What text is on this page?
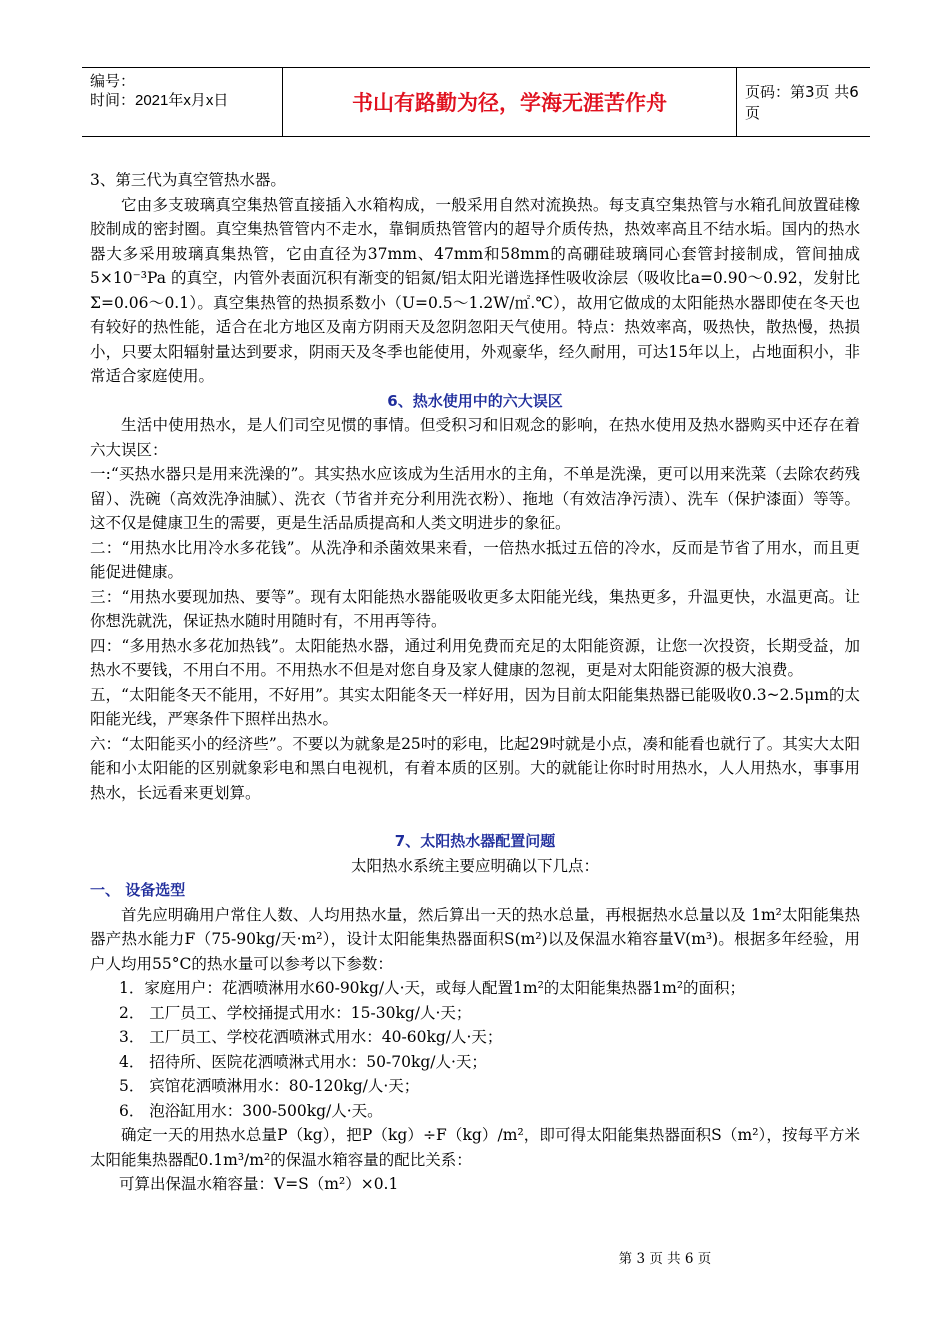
编号：
时间：2021年x月x日	书山有路勤为径，学海无涯苦作舟	页码：第3页 共6页

3、第三代为真空管热水器。

它由多支玻璃真空集热管直接插入水箱构成，一般采用自然对流换热。每支真空集热管与水箱孔间放置硅橡胶制成的密封圈。真空集热管管内不走水，靠铜质热管管内的超导介质传热，热效率高且不结水垢。国内的热水器大多采用玻璃真集热管，它由直径为37mm、47mm和58mm的高硼硅玻璃同心套管封接制成，管间抽成5×10⁻³Pa 的真空，内管外表面沉积有渐变的铝氮/铝太阳光谱选择性吸收涂层（吸收比a=0.90～0.92，发射比 Σ=0.06～0.1）。真空集热管的热损系数小（U=0.5～1.2W/㎡.℃），故用它做成的太阳能热水器即使在冬天也有较好的热性能，适合在北方地区及南方阴雨天及忽阴忽阳天气使用。特点：热效率高，吸热快，散热慢，热损小，只要太阳辐射量达到要求，阴雨天及冬季也能使用，外观豪华，经久耐用，可达15年以上，占地面积小，非常适合家庭使用。

6、热水使用中的六大误区

生活中使用热水，是人们司空见惯的事情。但受积习和旧观念的影响，在热水使用及热水器购买中还存在着六大误区：

一:“买热水器只是用来洗澡的”。其实热水应该成为生活用水的主角，不单是洗澡，更可以用来洗菜（去除农药残留）、洗碗（高效洗净油腻）、洗衣（节省并充分利用洗衣粉）、拖地（有效洁净污渍）、洗车（保护漆面）等等。这不仅是健康卫生的需要，更是生活品质提高和人类文明进步的象征。

二：“用热水比用冷水多花钱”。从洗净和杀菌效果来看，一倍热水抵过五倍的冷水，反而是节省了用水，而且更能促进健康。

三：“用热水要现加热、要等”。现有太阳能热水器能吸收更多太阳能光线，集热更多，升温更快，水温更高。让你想洗就洗，保证热水随时用随时有，不用再等待。

四：“多用热水多花加热钱”。太阳能热水器，通过利用免费而充足的太阳能资源，让您一次投资，长期受益，加热水不要钱，不用白不用。不用热水不但是对您自身及家人健康的忽视，更是对太阳能资源的极大浪费。

五，“太阳能冬天不能用，不好用”。其实太阳能冬天一样好用，因为目前太阳能集热器已能吸收0.3~2.5μm的太阳能光线，严寒条件下照样出热水。

六：“太阳能买小的经济些”。不要以为就象是25吋的彩电，比起29吋就是小点，凑和能看也就行了。其实大太阳能和小太阳能的区别就象彩电和黑白电视机，有着本质的区别。大的就能让你时时用热水，人人用热水，事事用热水，长远看来更划算。

7、太阳热水器配置问题

太阳热水系统主要应明确以下几点：

一、 设备选型

首先应明确用户常住人数、人均用热水量，然后算出一天的热水总量，再根据热水总量以及 1m²太阳能集热器产热水能力F（75-90kg/天·m²），设计太阳能集热器面积S(m²)以及保温水箱容量V(m³)。根据多年经验，用户人均用55°C的热水量可以参考以下参数：

1．家庭用户：花洒喷淋用水60-90kg/人·天，或每人配置1m²的太阳能集热器1m²的面积；

2． 工厂员工、学校捅提式用水：15-30kg/人·天；

3． 工厂员工、学校花洒喷淋式用水：40-60kg/人·天；

4． 招待所、医院花洒喷淋式用水：50-70kg/人·天；

5． 宾馆花洒喷淋用水：80-120kg/人·天；

6． 泡浴缸用水：300-500kg/人·天。

确定一天的用热水总量P（kg），把P（kg）÷F（kg）/m²，即可得太阳能集热器面积S（m²），按每平方米太阳能集热器配0.1m³/m²的保温水箱容量的配比关系：

可算出保温水箱容量：V=S（m²）×0.1

第 3 页 共 6 页
